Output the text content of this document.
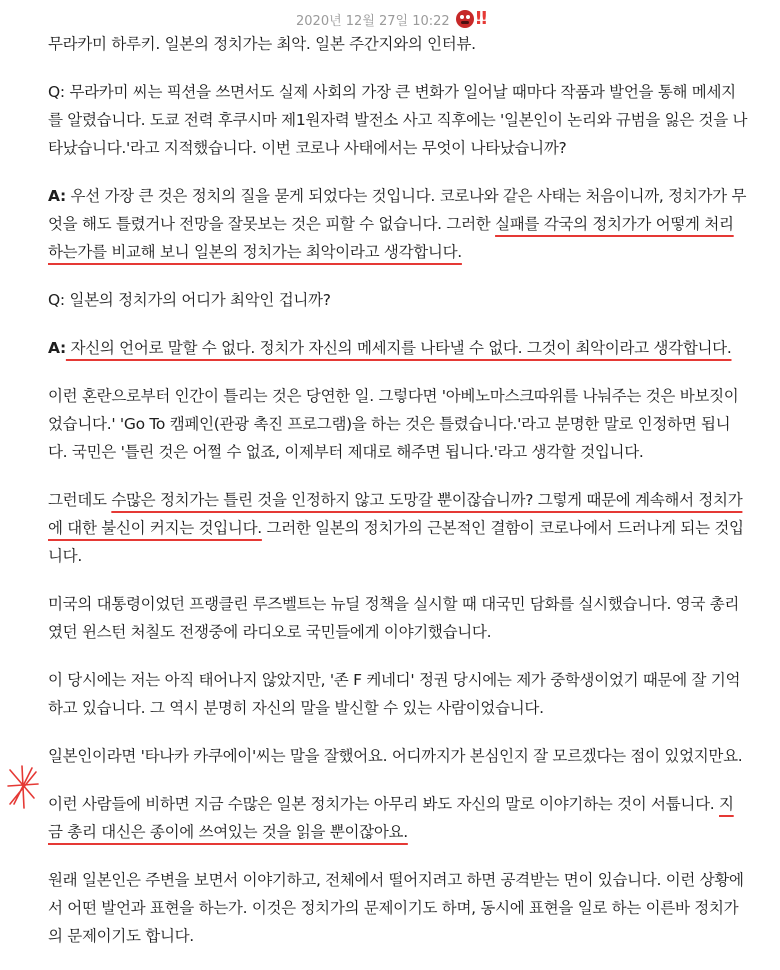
2020년 12월 27일 10:22 ‼

무라카미 하루키. 일본의 정치가는 최악. 일본 주간지와의 인터뷰.

Q: 무라카미 씨는 픽션을 쓰면서도 실제 사회의 가장 큰 변화가 일어날 때마다 작품과 발언을 통해 메세지를 알렸습니다. 도쿄 전력 후쿠시마 제1원자력 발전소 사고 직후에는 '일본인이 논리와 규범을 잃은 것을 나타났습니다.'라고 지적했습니다. 이번 코로나 사태에서는 무엇이 나타났습니까?

A: 우선 가장 큰 것은 정치의 질을 묻게 되었다는 것입니다. 코로나와 같은 사태는 처음이니까, 정치가가 무엇을 해도 틀렸거나 전망을 잘못보는 것은 피할 수 없습니다. 그러한 실패를 각국의 정치가가 어떻게 처리하는가를 비교해 보니 일본의 정치가는 최악이라고 생각합니다.

Q: 일본의 정치가의 어디가 최악인 겁니까?

A: 자신의 언어로 말할 수 없다. 정치가 자신의 메세지를 나타낼 수 없다. 그것이 최악이라고 생각합니다.

이런 혼란으로부터 인간이 틀리는 것은 당연한 일. 그렇다면 '아베노마스크따위를 나눠주는 것은 바보짓이었습니다.' 'Go To 캠페인(관광 촉진 프로그램)을 하는 것은 틀렸습니다.'라고 분명한 말로 인정하면 됩니다. 국민은 '틀린 것은 어쩔 수 없죠, 이제부터 제대로 해주면 됩니다.'라고 생각할 것입니다.

그런데도 수많은 정치가는 틀린 것을 인정하지 않고 도망갈 뿐이잖습니까? 그렇게 때문에 계속해서 정치가에 대한 불신이 커지는 것입니다. 그러한 일본의 정치가의 근본적인 결함이 코로나에서 드러나게 되는 것입니다.

미국의 대통령이었던 프랭클린 루즈벨트는 뉴딜 정책을 실시할 때 대국민 담화를 실시했습니다. 영국 총리였던 윈스턴 처칠도 전쟁중에 라디오로 국민들에게 이야기했습니다.

이 당시에는 저는 아직 태어나지 않았지만, '존 F 케네디' 정권 당시에는 제가 중학생이었기 때문에 잘 기억하고 있습니다. 그 역시 분명히 자신의 말을 발신할 수 있는 사람이었습니다.

일본인이라면 '타나카 카쿠에이'씨는 말을 잘했어요. 어디까지가 본심인지 잘 모르겠다는 점이 있었지만요.

이런 사람들에 비하면 지금 수많은 일본 정치가는 아무리 봐도 자신의 말로 이야기하는 것이 서툽니다. 지금 총리 대신은 종이에 쓰여있는 것을 읽을 뿐이잖아요.

원래 일본인은 주변을 보면서 이야기하고, 전체에서 떨어지려고 하면 공격받는 면이 있습니다. 이런 상황에서 어떤 발언과 표현을 하는가. 이것은 정치가의 문제이기도 하며, 동시에 표현을 일로 하는 이른바 정치가의 문제이기도 합니다.
